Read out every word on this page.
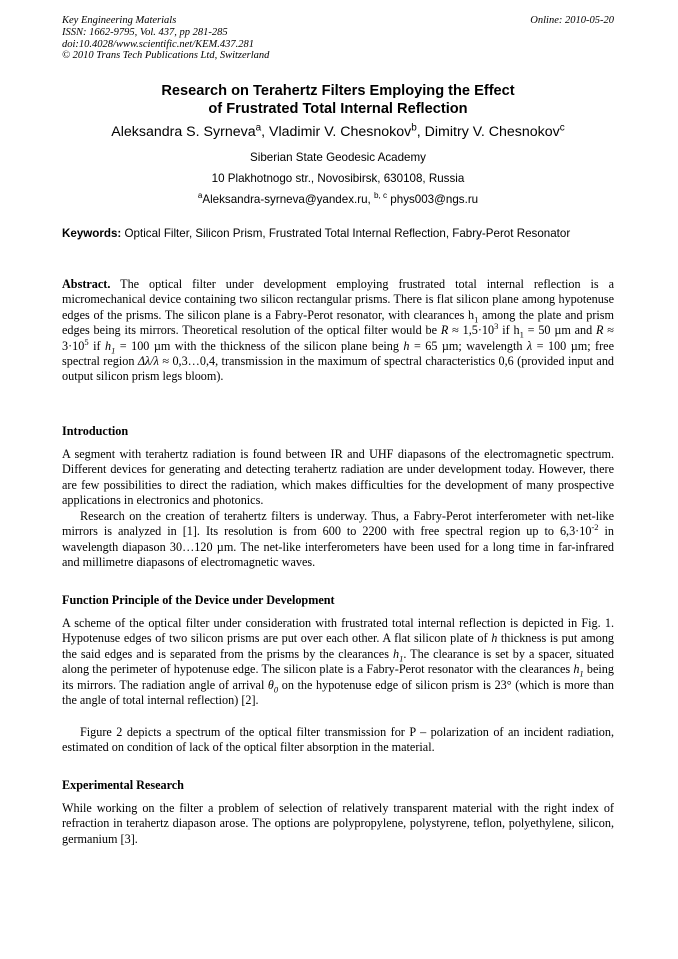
Key Engineering Materials
ISSN: 1662-9795, Vol. 437, pp 281-285
doi:10.4028/www.scientific.net/KEM.437.281
© 2010 Trans Tech Publications Ltd, Switzerland
Online: 2010-05-20
Research on Terahertz Filters Employing the Effect
of Frustrated Total Internal Reflection
Aleksandra S. Syrneva$^a$, Vladimir V. Chesnokov$^b$, Dimitry V. Chesnokov$^c$
Siberian State Geodesic Academy
10 Plakhotnogo str., Novosibirsk, 630108, Russia
$^a$Aleksandra-syrneva@yandex.ru, $^{b, c}$ phys003@ngs.ru
Keywords: Optical Filter, Silicon Prism, Frustrated Total Internal Reflection, Fabry-Perot Resonator
Abstract. The optical filter under development employing frustrated total internal reflection is a micromechanical device containing two silicon rectangular prisms. There is flat silicon plane among hypotenuse edges of the prisms. The silicon plane is a Fabry-Perot resonator, with clearances $h_1$ among the plate and prism edges being its mirrors. Theoretical resolution of the optical filter would be $R \approx 1,5\cdot 10^3$ if $h_1 = 50$ µm and $R \approx 3\cdot 10^5$ if $h_1 = 100$ µm with the thickness of the silicon plane being h = 65 µm; wavelength λ = 100 µm; free spectral region Δλ/λ ≈ 0,3…0,4, transmission in the maximum of spectral characteristics 0,6 (provided input and output silicon prism legs bloom).
Introduction
A segment with terahertz radiation is found between IR and UHF diapasons of the electromagnetic spectrum. Different devices for generating and detecting terahertz radiation are under development today. However, there are few possibilities to direct the radiation, which makes difficulties for the development of many prospective applications in electronics and photonics.
Research on the creation of terahertz filters is underway. Thus, a Fabry-Perot interferometer with net-like mirrors is analyzed in [1]. Its resolution is from 600 to 2200 with free spectral region up to $6,3\cdot 10^{-2}$ in wavelength diapason 30…120 µm. The net-like interferometers have been used for a long time in far-infrared and millimetre diapasons of electromagnetic waves.
Function Principle of the Device under Development
A scheme of the optical filter under consideration with frustrated total internal reflection is depicted in Fig. 1. Hypotenuse edges of two silicon prisms are put over each other. A flat silicon plate of h thickness is put among the said edges and is separated from the prisms by the clearances $h_1$. The clearance is set by a spacer, situated along the perimeter of hypotenuse edge. The silicon plate is a Fabry-Perot resonator with the clearances $h_1$ being its mirrors. The radiation angle of arrival $\theta_0$ on the hypotenuse edge of silicon prism is 23° (which is more than the angle of total internal reflection) [2].
Figure 2 depicts a spectrum of the optical filter transmission for P – polarization of an incident radiation, estimated on condition of lack of the optical filter absorption in the material.
Experimental Research
While working on the filter a problem of selection of relatively transparent material with the right index of refraction in terahertz diapason arose. The options are polypropylene, polystyrene, teflon, polyethylene, silicon, germanium [3].
